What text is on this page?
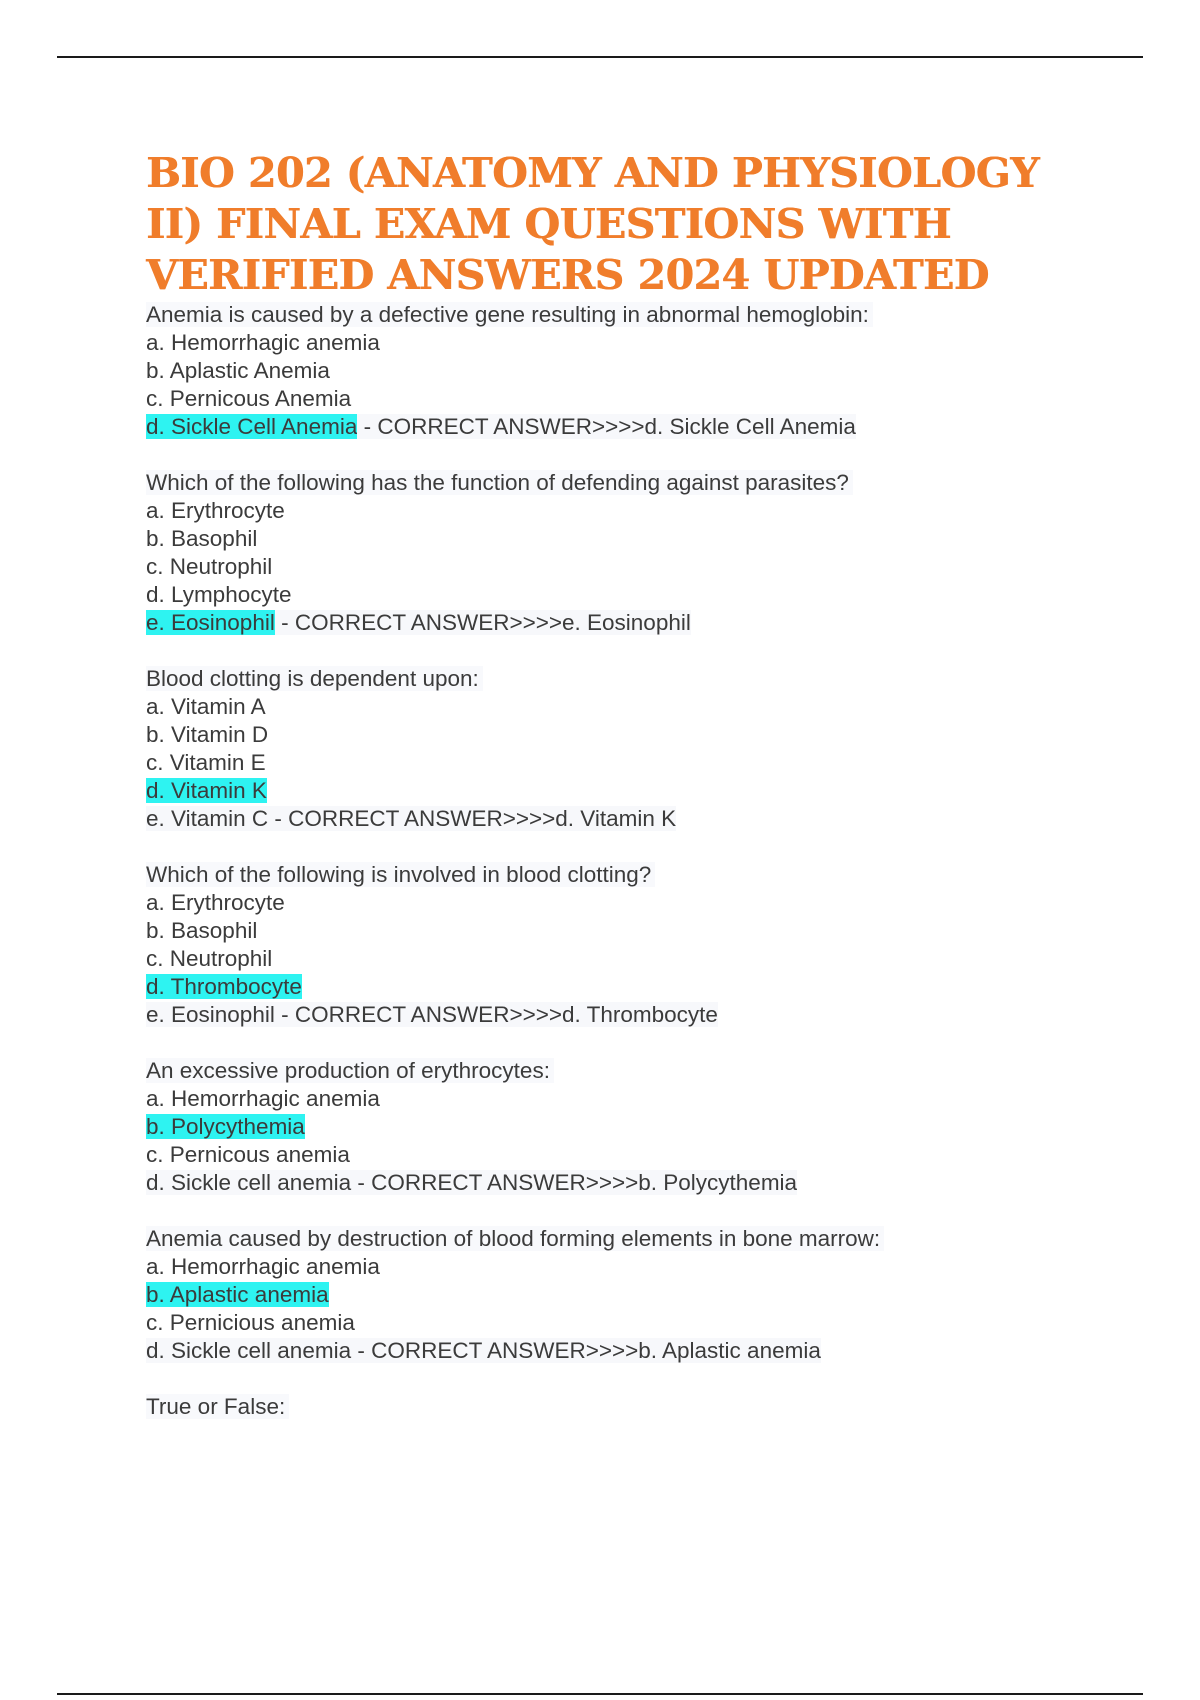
BIO 202 (ANATOMY AND PHYSIOLOGY II) FINAL EXAM QUESTIONS WITH VERIFIED ANSWERS 2024 UPDATED
Anemia is caused by a defective gene resulting in abnormal hemoglobin:
a. Hemorrhagic anemia
b. Aplastic Anemia
c. Pernicous Anemia
d. Sickle Cell Anemia - CORRECT ANSWER>>>>d. Sickle Cell Anemia
Which of the following has the function of defending against parasites?
a. Erythrocyte
b. Basophil
c. Neutrophil
d. Lymphocyte
e. Eosinophil - CORRECT ANSWER>>>>e. Eosinophil
Blood clotting is dependent upon:
a. Vitamin A
b. Vitamin D
c. Vitamin E
d. Vitamin K
e. Vitamin C - CORRECT ANSWER>>>>d. Vitamin K
Which of the following is involved in blood clotting?
a. Erythrocyte
b. Basophil
c. Neutrophil
d. Thrombocyte
e. Eosinophil - CORRECT ANSWER>>>>d. Thrombocyte
An excessive production of erythrocytes:
a. Hemorrhagic anemia
b. Polycythemia
c. Pernicous anemia
d. Sickle cell anemia - CORRECT ANSWER>>>>b. Polycythemia
Anemia caused by destruction of blood forming elements in bone marrow:
a. Hemorrhagic anemia
b. Aplastic anemia
c. Pernicious anemia
d. Sickle cell anemia - CORRECT ANSWER>>>>b. Aplastic anemia
True or False:
